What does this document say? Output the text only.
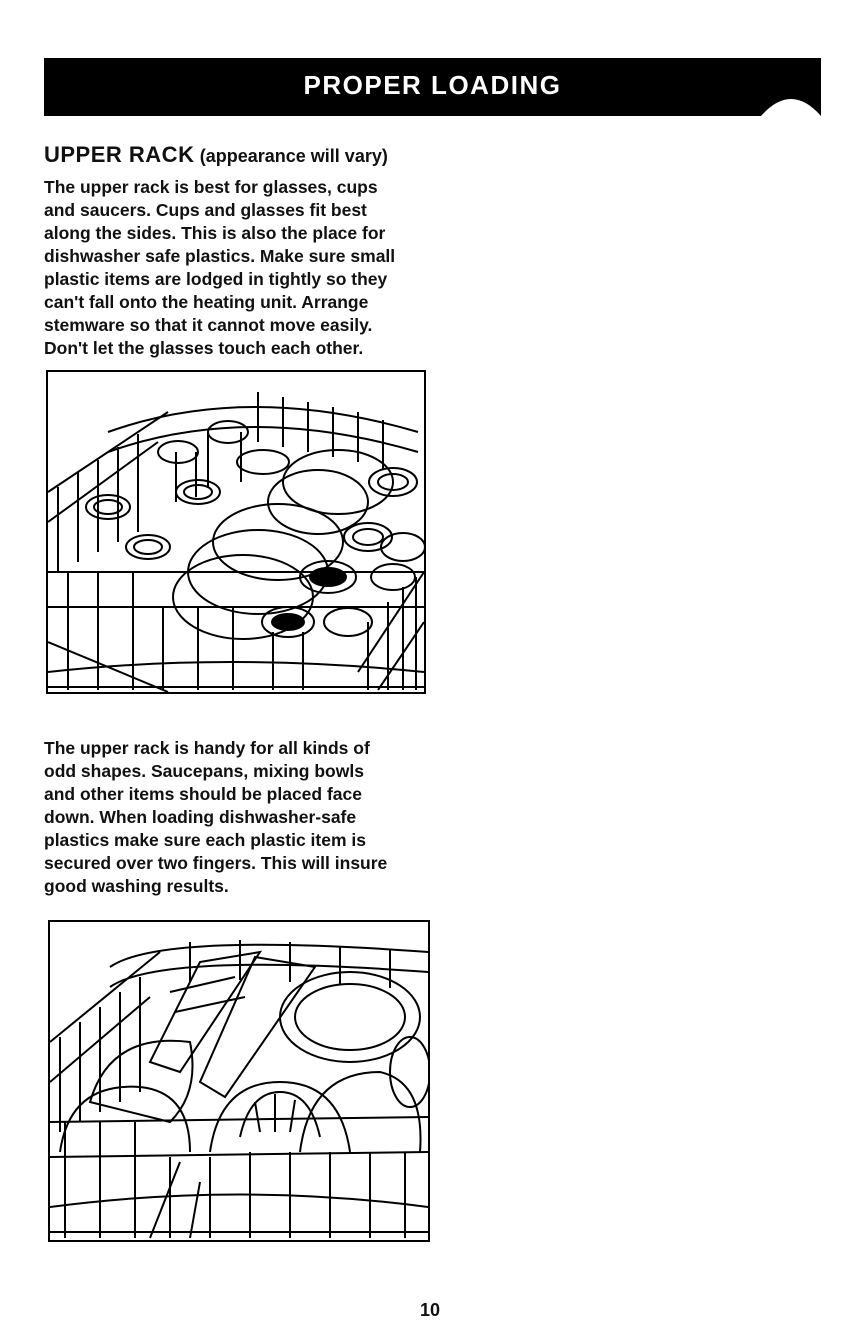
PROPER LOADING
UPPER RACK (appearance will vary)
The upper rack is best for glasses, cups
and saucers. Cups and glasses fit best
along the sides. This is also the place for
dishwasher safe plastics. Make sure small
plastic items are lodged in tightly so they
can't fall onto the heating unit. Arrange
stemware so that it cannot move easily.
Don't let the glasses touch each other.
The upper rack is handy for all kinds of
odd shapes. Saucepans, mixing bowls
and other items should be placed face
down. When loading dishwasher-safe
plastics make sure each plastic item is
secured over two fingers. This will insure
good washing results.
10
